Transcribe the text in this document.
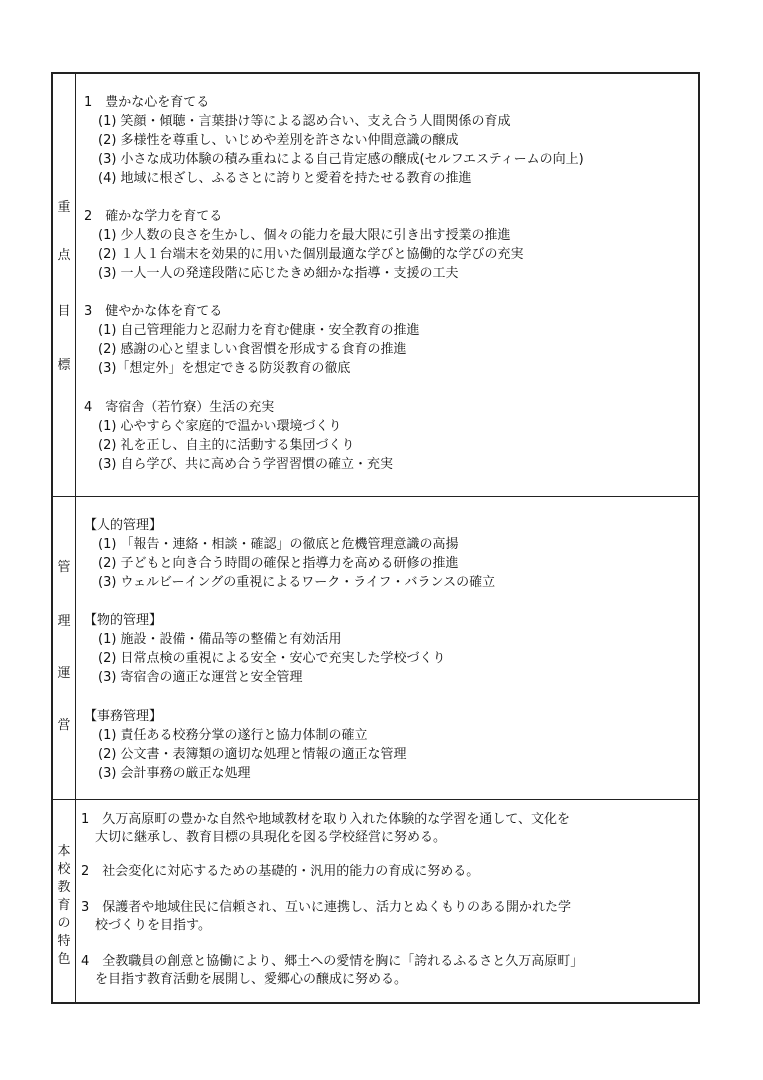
重
点
目
標
1　豊かな心を育てる
(1) 笑顔・傾聴・言葉掛け等による認め合い、支え合う人間関係の育成
(2) 多様性を尊重し、いじめや差別を許さない仲間意識の醸成
(3) 小さな成功体験の積み重ねによる自己肯定感の醸成(セルフエスティームの向上)
(4) 地域に根ざし、ふるさとに誇りと愛着を持たせる教育の推進
2　確かな学力を育てる
(1) 少人数の良さを生かし、個々の能力を最大限に引き出す授業の推進
(2) １人１台端末を効果的に用いた個別最適な学びと協働的な学びの充実
(3) 一人一人の発達段階に応じたきめ細かな指導・支援の工夫
3　健やかな体を育てる
(1) 自己管理能力と忍耐力を育む健康・安全教育の推進
(2) 感謝の心と望ましい食習慣を形成する食育の推進
(3)「想定外」を想定できる防災教育の徹底
4　寄宿舎（若竹寮）生活の充実
(1) 心やすらぐ家庭的で温かい環境づくり
(2) 礼を正し、自主的に活動する集団づくり
(3) 自ら学び、共に高め合う学習習慣の確立・充実
管
理
運
営
【人的管理】
(1) 「報告・連絡・相談・確認」の徹底と危機管理意識の高揚
(2) 子どもと向き合う時間の確保と指導力を高める研修の推進
(3) ウェルビーイングの重視によるワーク・ライフ・バランスの確立
【物的管理】
(1) 施設・設備・備品等の整備と有効活用
(2) 日常点検の重視による安全・安心で充実した学校づくり
(3) 寄宿舎の適正な運営と安全管理
【事務管理】
(1) 責任ある校務分掌の遂行と協力体制の確立
(2) 公文書・表簿類の適切な処理と情報の適正な管理
(3) 会計事務の厳正な処理
本
校
教
育
の
特
色
1　久万高原町の豊かな自然や地域教材を取り入れた体験的な学習を通して、文化を
大切に継承し、教育目標の具現化を図る学校経営に努める。
2　社会変化に対応するための基礎的・汎用的能力の育成に努める。
3　保護者や地域住民に信頼され、互いに連携し、活力とぬくもりのある開かれた学
校づくりを目指す。
4　全教職員の創意と協働により、郷土への愛情を胸に「誇れるふるさと久万高原町」
を目指す教育活動を展開し、愛郷心の醸成に努める。
